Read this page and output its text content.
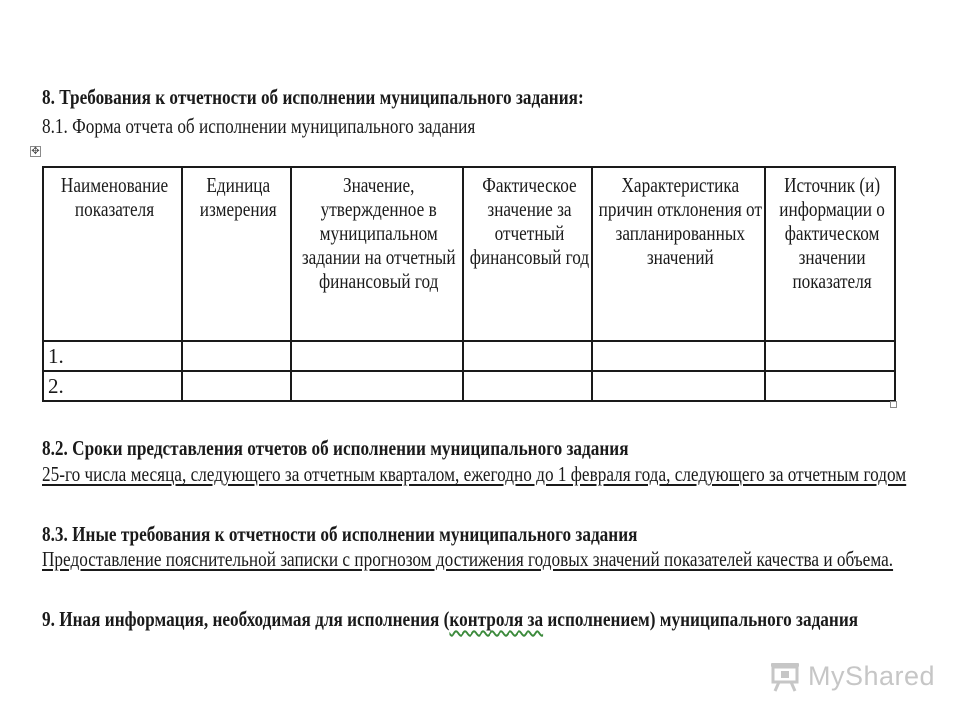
8. Требования к отчетности об исполнении муниципального задания:
8.1. Форма отчета об исполнении муниципального задания
✥
Наименование показателя	Единица измерения	Значение, утвержденное в муниципальном задании на отчетный финансовый год	Фактическое значение за отчетный финансовый год	Характеристика причин отклонения от запланированных значений	Источник (и) информации о фактическом значении показателя

1.					
2.					
8.2. Сроки представления отчетов об исполнении муниципального задания
25-го числа месяца, следующего за отчетным кварталом, ежегодно до 1 февраля года, следующего за отчетным годом
8.3. Иные требования к отчетности об исполнении муниципального задания
Предоставление пояснительной записки с прогнозом достижения годовых значений показателей качества и объема.
9. Иная информация, необходимая для исполнения (контроля за исполнением) муниципального задания
MyShared
